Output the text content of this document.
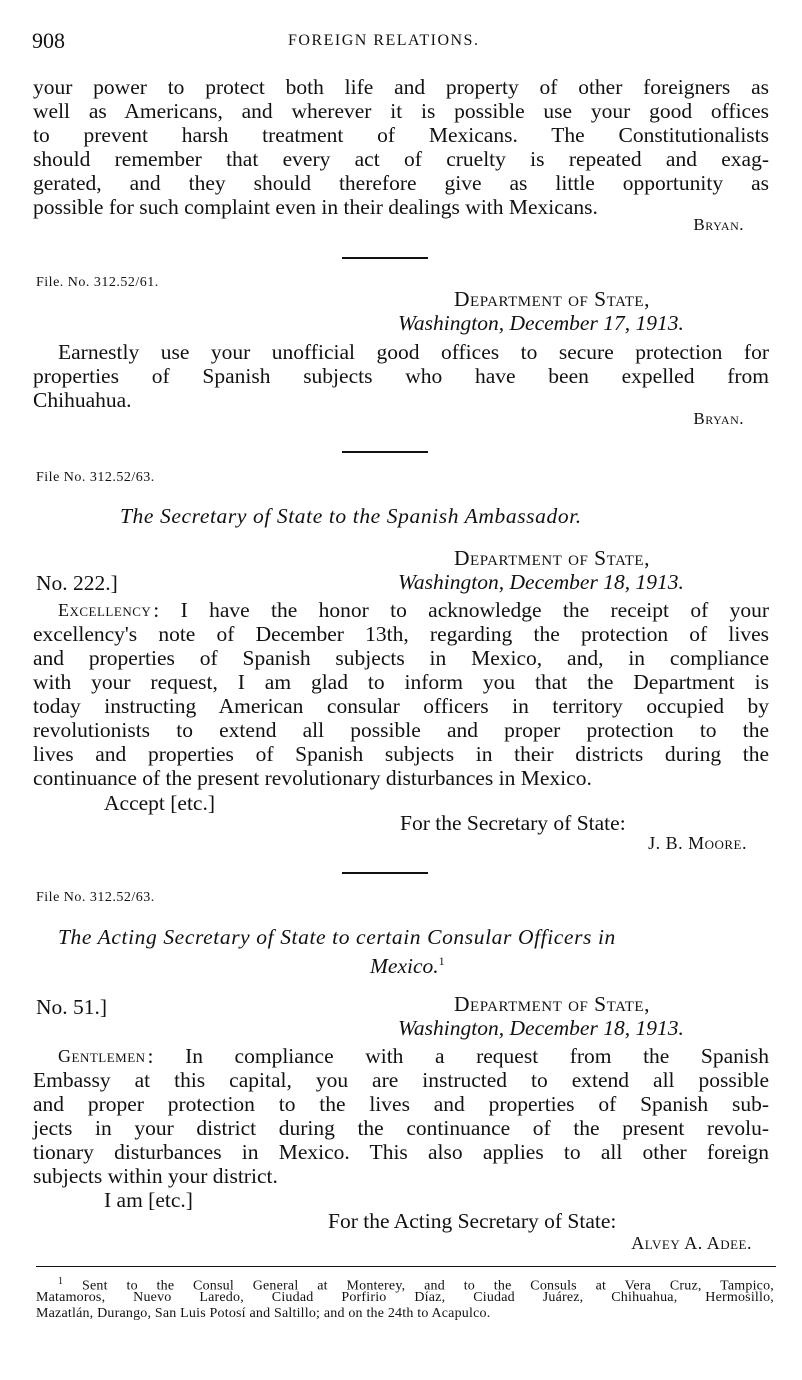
908	FOREIGN RELATIONS.
your power to protect both life and property of other foreigners as
well as Americans, and wherever it is possible use your good offices
to prevent harsh treatment of Mexicans. The Constitutionalists
should remember that every act of cruelty is repeated and exag-
gerated, and they should therefore give as little opportunity as
possible for such complaint even in their dealings with Mexicans.
Bryan.
File. No. 312.52/61.
Department of State,
Washington, December 17, 1913.
Earnestly use your unofficial good offices to secure protection for
properties of Spanish subjects who have been expelled from
Chihuahua.
Bryan.
File No. 312.52/63.
The Secretary of State to the Spanish Ambassador.
Department of State,
No. 222.]	Washington, December 18, 1913.
Excellency : I have the honor to acknowledge the receipt of your
excellency's note of December 13th, regarding the protection of lives
and properties of Spanish subjects in Mexico, and, in compliance
with your request, I am glad to inform you that the Department is
today instructing American consular officers in territory occupied by
revolutionists to extend all possible and proper protection to the
lives and properties of Spanish subjects in their districts during the
continuance of the present revolutionary disturbances in Mexico.
Accept [etc.]
For the Secretary of State:
J. B. Moore.
File No. 312.52/63.
The Acting Secretary of State to certain Consular Officers in
Mexico.$^1$
No. 51.]	Department of State,
Washington, December 18, 1913.
Gentlemen : In compliance with a request from the Spanish
Embassy at this capital, you are instructed to extend all possible
and proper protection to the lives and properties of Spanish sub-
jects in your district during the continuance of the present revolu-
tionary disturbances in Mexico. This also applies to all other foreign
subjects within your district.
I am [etc.]
For the Acting Secretary of State:
Alvey A. Adee.
$^1$ Sent to the Consul General at Monterey, and to the Consuls at Vera Cruz, Tampico,
Matamoros, Nuevo Laredo, Ciudad Porfirio Díaz, Ciudad Juárez, Chihuahua, Hermosillo,
Mazatlán, Durango, San Luis Potosí and Saltillo; and on the 24th to Acapulco.
